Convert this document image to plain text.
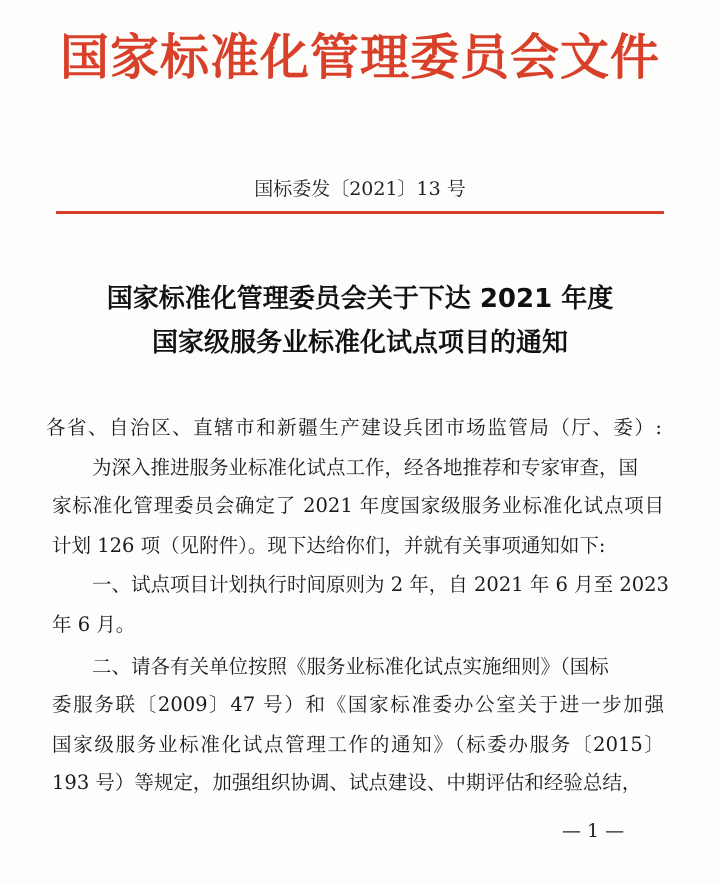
国家标准化管理委员会文件
国标委发〔2021〕13 号
国家标准化管理委员会关于下达 2021 年度
国家级服务业标准化试点项目的通知
各省、自治区、直辖市和新疆生产建设兵团市场监管局（厅、委）:
为深入推进服务业标准化试点工作，经各地推荐和专家审查，国
家标准化管理委员会确定了 2021 年度国家级服务业标准化试点项目
计划 126 项（见附件）。现下达给你们，并就有关事项通知如下:
一、试点项目计划执行时间原则为 2 年，自 2021 年 6 月至 2023
年 6 月。
二、请各有关单位按照《服务业标准化试点实施细则》（国标
委服务联〔2009〕47 号）和《国家标准委办公室关于进一步加强
国家级服务业标准化试点管理工作的通知》（标委办服务〔2015〕
193 号）等规定，加强组织协调、试点建设、中期评估和经验总结，
— 1 —
